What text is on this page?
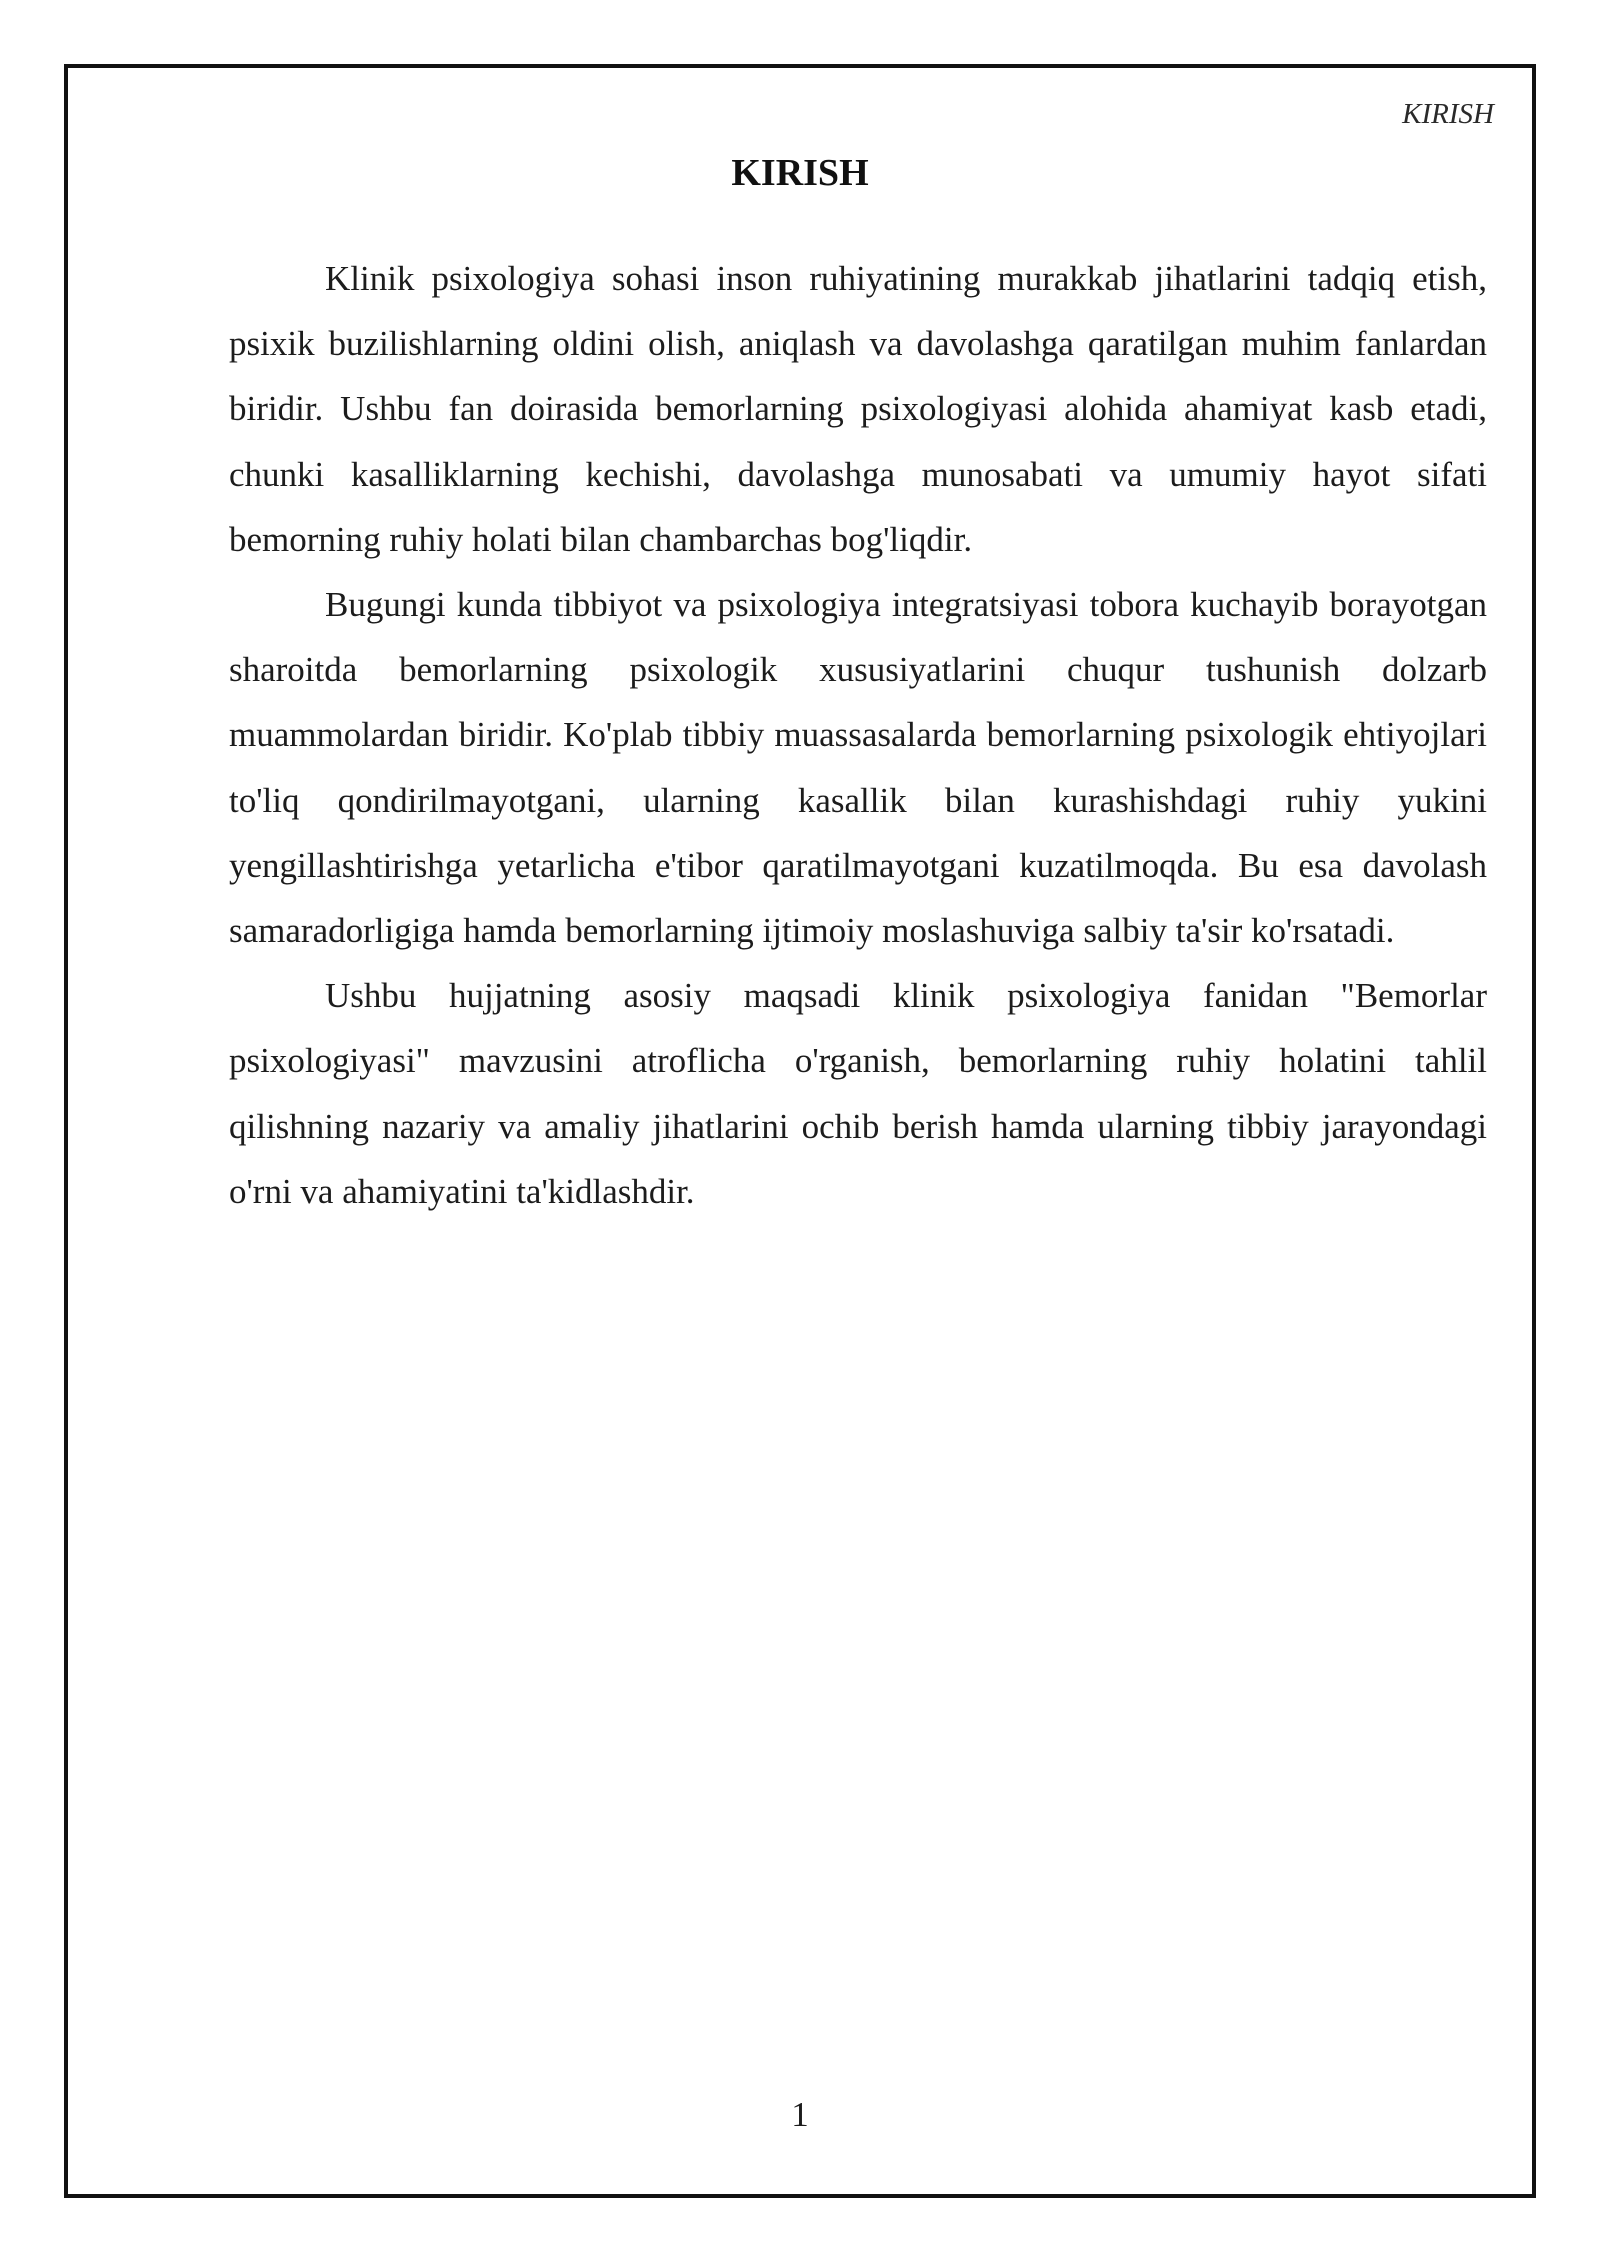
KIRISH
KIRISH

Klinik psixologiya sohasi inson ruhiyatining murakkab jihatlarini tadqiq etish, psixik buzilishlarning oldini olish, aniqlash va davolashga qaratilgan muhim fanlardan biridir. Ushbu fan doirasida bemorlarning psixologiyasi alohida ahamiyat kasb etadi, chunki kasalliklarning kechishi, davolashga munosabati va umumiy hayot sifati bemorning ruhiy holati bilan chambarchas bog'liqdir.

Bugungi kunda tibbiyot va psixologiya integratsiyasi tobora kuchayib borayotgan sharoitda bemorlarning psixologik xususiyatlarini chuqur tushunish dolzarb muammolardan biridir. Ko'plab tibbiy muassasalarda bemorlarning psixologik ehtiyojlari to'liq qondirilmayotgani, ularning kasallik bilan kurashishdagi ruhiy yukini yengillashtirishga yetarlicha e'tibor qaratilmayotgani kuzatilmoqda. Bu esa davolash samaradorligiga hamda bemorlarning ijtimoiy moslashuviga salbiy ta'sir ko'rsatadi.

Ushbu hujjatning asosiy maqsadi klinik psixologiya fanidan "Bemorlar psixologiyasi" mavzusini atroflicha o'rganish, bemorlarning ruhiy holatini tahlil qilishning nazariy va amaliy jihatlarini ochib berish hamda ularning tibbiy jarayondagi o'rni va ahamiyatini ta'kidlashdir.

1
